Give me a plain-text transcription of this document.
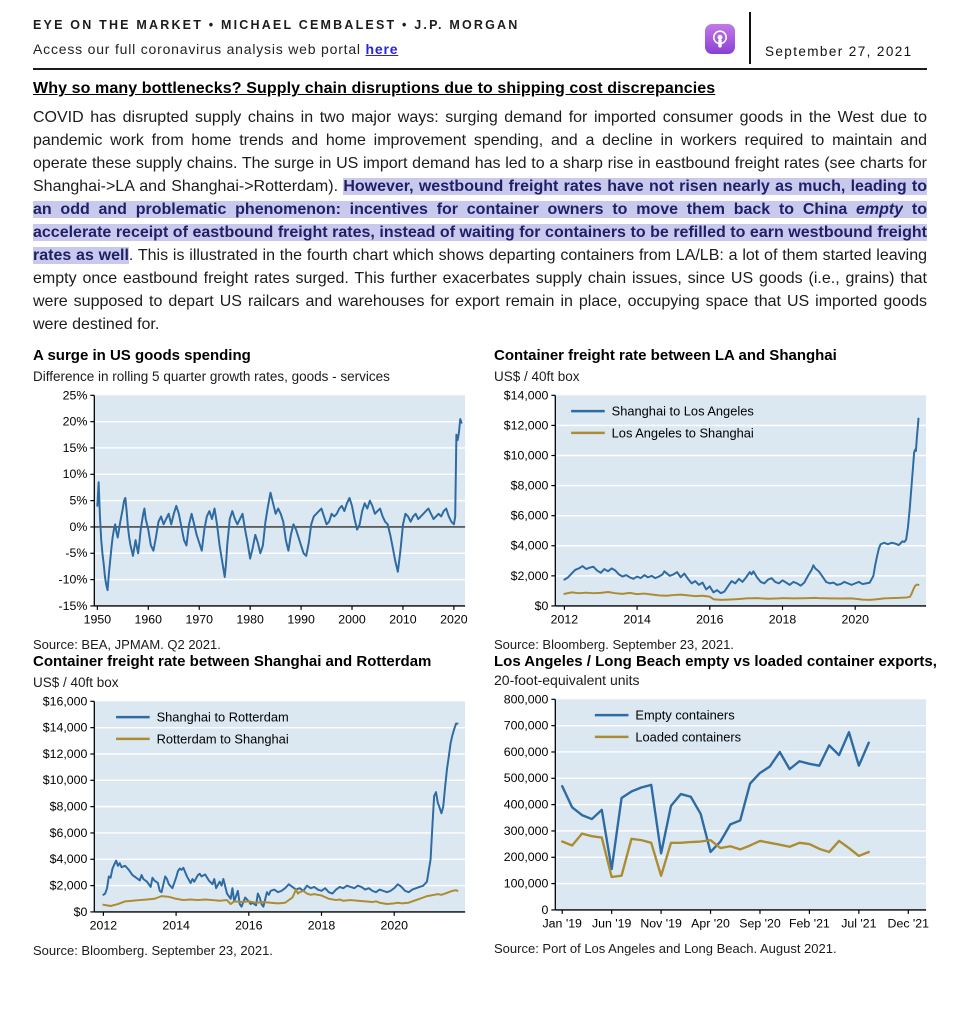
EYE ON THE MARKET • MICHAEL CEMBALEST • J.P. MORGAN
Access our full coronavirus analysis web portal here	September 27, 2021
Why so many bottlenecks? Supply chain disruptions due to shipping cost discrepancies

COVID has disrupted supply chains in two major ways: surging demand for imported consumer goods in the West due to pandemic work from home trends and home improvement spending, and a decline in workers required to maintain and operate these supply chains. The surge in US import demand has led to a sharp rise in eastbound freight rates (see charts for Shanghai->LA and Shanghai->Rotterdam). However, westbound freight rates have not risen nearly as much, leading to an odd and problematic phenomenon: incentives for container owners to move them back to China empty to accelerate receipt of eastbound freight rates, instead of waiting for containers to be refilled to earn westbound freight rates as well. This is illustrated in the fourth chart which shows departing containers from LA/LB: a lot of them started leaving empty once eastbound freight rates surged. This further exacerbates supply chain issues, since US goods (i.e., grains) that were supposed to depart US railcars and warehouses for export remain in place, occupying space that US imported goods were destined for.

A surge in US goods spending
Difference in rolling 5 quarter growth rates, goods - services
25%
20%
15%
10%
5%
0%
-5%
-10%
-15%
1950 1960 1970 1980 1990 2000 2010 2020
Source: BEA, JPMAM. Q2 2021.
Container freight rate between LA and Shanghai
US$ / 40ft box
$14,000
$12,000
$10,000
$8,000
$6,000
$4,000
$2,000
$0
2012	2014	2016	2018	2020
Shanghai to Los Angeles
Los Angeles to Shanghai
Source: Bloomberg. September 23, 2021.
Container freight rate between Shanghai and Rotterdam
US$ / 40ft box
$16,000
$14,000
$12,000
$10,000
$8,000
$6,000
$4,000
$2,000
$0
2012	2014	2016	2018	2020
Shanghai to Rotterdam
Rotterdam to Shanghai
Source: Bloomberg. September 23, 2021.
Los Angeles / Long Beach empty vs loaded container exports, 20-foot-equivalent units
800,000
700,000
600,000
500,000
400,000
300,000
200,000
100,000
0
Jan '19 Jun '19 Nov '19 Apr '20 Sep '20 Feb '21 Jul '21 Dec '21
Empty containers
Loaded containers
Source: Port of Los Angeles and Long Beach. August 2021.
